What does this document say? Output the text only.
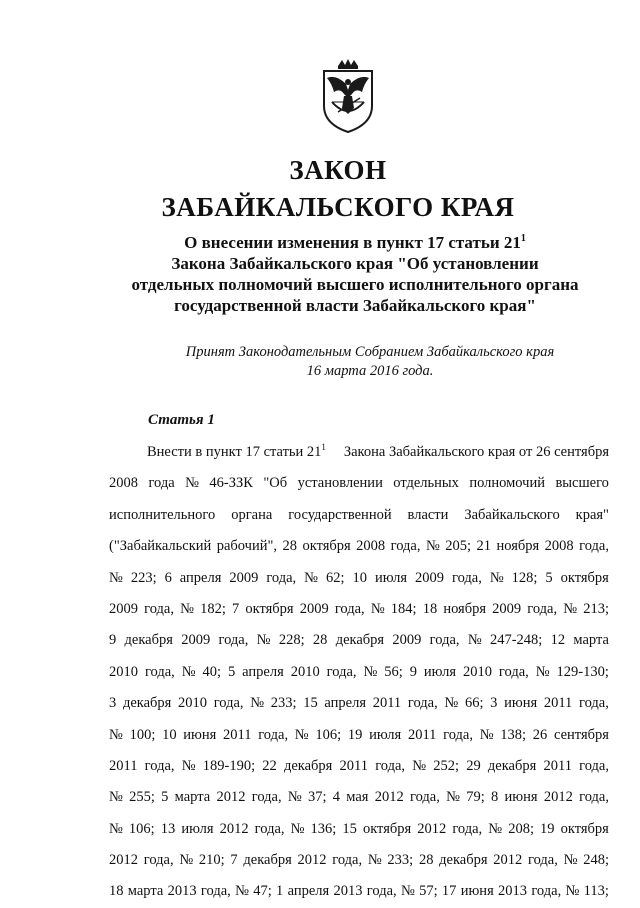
ЗАКОН
ЗАБАЙКАЛЬСКОГО КРАЯ

О внесении изменения в пункт 17 статьи $21^1$
Закона Забайкальского края "Об установлении
отдельных полномочий высшего исполнительного органа
государственной власти Забайкальского края"

Принят Законодательным Собранием Забайкальского края
16 марта 2016 года.

Статья 1

Внести в пункт 17 статьи $21^1$ Закона Забайкальского края от 26 сентября
2008 года № 46-ЗЗК "Об установлении отдельных полномочий высшего
исполнительного органа государственной власти Забайкальского края"
("Забайкальский рабочий", 28 октября 2008 года, № 205; 21 ноября 2008 года,
№ 223; 6 апреля 2009 года, № 62; 10 июля 2009 года, № 128; 5 октября
2009 года, № 182; 7 октября 2009 года, № 184; 18 ноября 2009 года, № 213;
9 декабря 2009 года, № 228; 28 декабря 2009 года, № 247-248; 12 марта
2010 года, № 40; 5 апреля 2010 года, № 56; 9 июля 2010 года, № 129-130;
3 декабря 2010 года, № 233; 15 апреля 2011 года, № 66; 3 июня 2011 года,
№ 100; 10 июня 2011 года, № 106; 19 июля 2011 года, № 138; 26 сентября
2011 года, № 189-190; 22 декабря 2011 года, № 252; 29 декабря 2011 года,
№ 255; 5 марта 2012 года, № 37; 4 мая 2012 года, № 79; 8 июня 2012 года,
№ 106; 13 июля 2012 года, № 136; 15 октября 2012 года, № 208; 19 октября
2012 года, № 210; 7 декабря 2012 года, № 233; 28 декабря 2012 года, № 248;
18 марта 2013 года, № 47; 1 апреля 2013 года, № 57; 17 июня 2013 года, № 113;
